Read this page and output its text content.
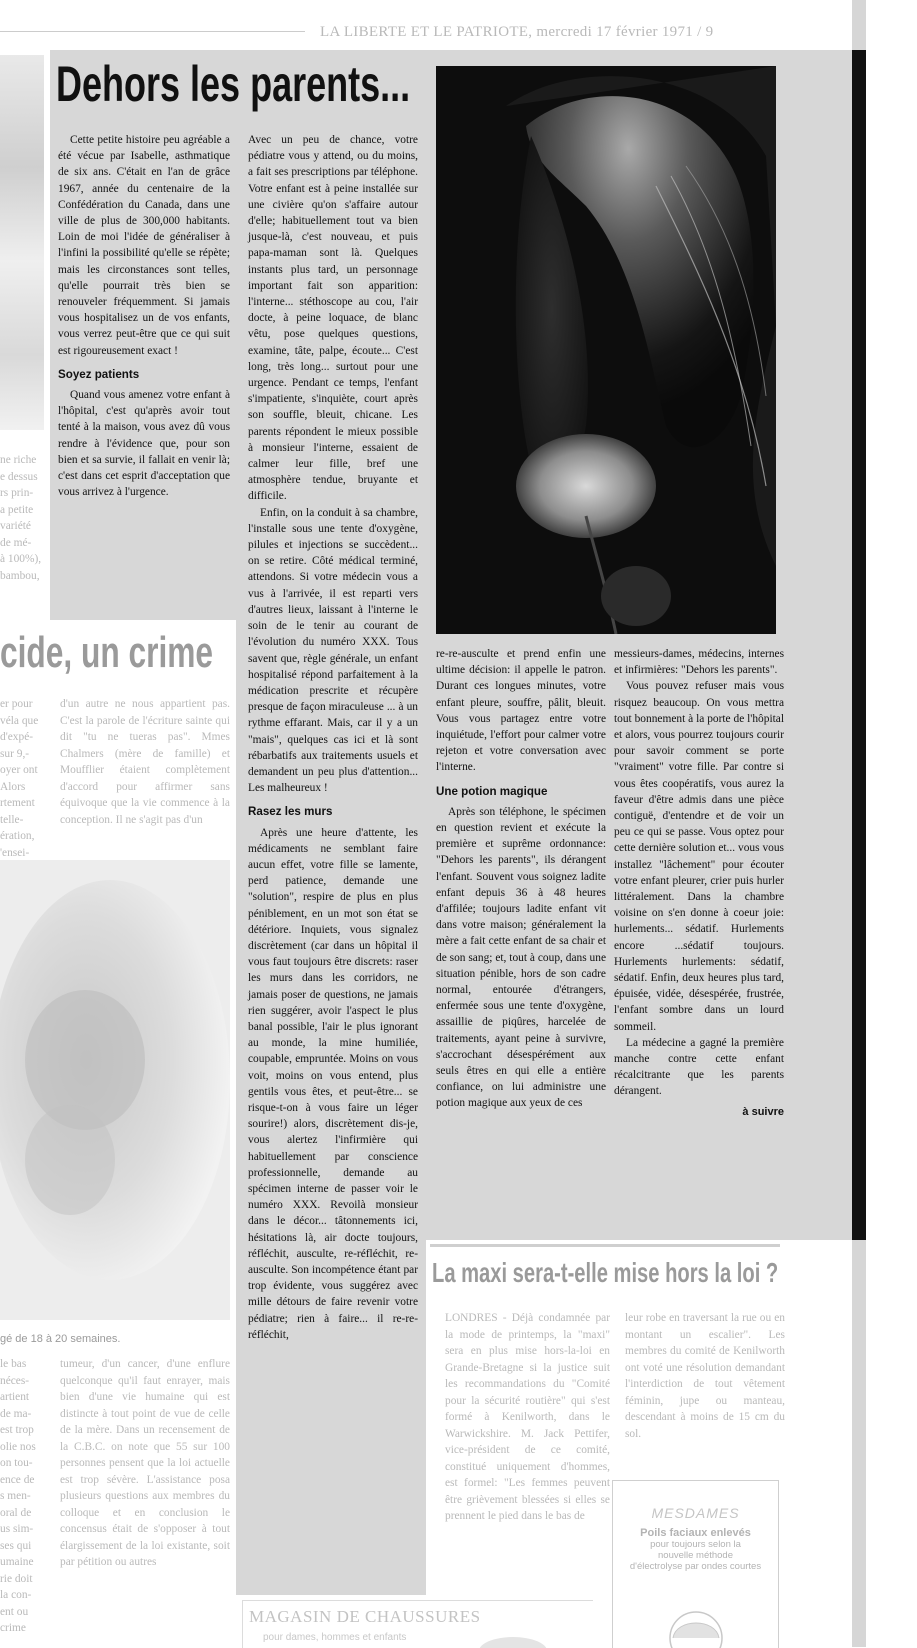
LA LIBERTE ET LE PATRIOTE, mercredi 17 février 1971 / 9
ne riche
e dessus
rs prin-
a petite
variété
de mé-
à 100%),
bambou,
Dehors les parents...

Cette petite histoire peu agréable a été vécue par Isabelle, asthmatique de six ans. C'était en l'an de grâce 1967, année du centenaire de la Confédération du Canada, dans une ville de plus de 300,000 habitants. Loin de moi l'idée de généraliser à l'infini la possibilité qu'elle se répète; mais les circonstances sont telles, qu'elle pourrait très bien se renouveler fréquemment. Si jamais vous hospitalisez un de vos enfants, vous verrez peut-être que ce qui suit est rigoureusement exact !

Soyez patients

Quand vous amenez votre enfant à l'hôpital, c'est qu'après avoir tout tenté à la maison, vous avez dû vous rendre à l'évidence que, pour son bien et sa survie, il fallait en venir là; c'est dans cet esprit d'acceptation que vous arrivez à l'urgence.

Avec un peu de chance, votre pédiatre vous y attend, ou du moins, a fait ses prescriptions par téléphone. Votre enfant est à peine installée sur une civière qu'on s'affaire autour d'elle; habituellement tout va bien jusque-là, c'est nouveau, et puis papa-maman sont là. Quelques instants plus tard, un personnage important fait son apparition: l'interne... stéthoscope au cou, l'air docte, à peine loquace, de blanc vêtu, pose quelques questions, examine, tâte, palpe, écoute... C'est long, très long... surtout pour une urgence. Pendant ce temps, l'enfant s'impatiente, s'inquiète, court après son souffle, bleuit, chicane. Les parents répondent le mieux possible à monsieur l'interne, essaient de calmer leur fille, bref une atmosphère tendue, bruyante et difficile.

Enfin, on la conduit à sa chambre, l'installe sous une tente d'oxygène, pilules et injections se succèdent... on se retire. Côté médical terminé, attendons. Si votre médecin vous a vus à l'arrivée, il est reparti vers d'autres lieux, laissant à l'interne le soin de le tenir au courant de l'évolution du numéro XXX. Tous savent que, règle générale, un enfant hospitalisé répond parfaitement à la médication prescrite et récupère presque de façon miraculeuse ... à un rythme effarant. Mais, car il y a un "mais", quelques cas ici et là sont rébarbatifs aux traitements usuels et demandent un peu plus d'attention... Les malheureux !

Rasez les murs

Après une heure d'attente, les médicaments ne semblant faire aucun effet, votre fille se lamente, perd patience, demande une "solution", respire de plus en plus péniblement, en un mot son état se détériore. Inquiets, vous signalez discrètement (car dans un hôpital il vous faut toujours être discrets: raser les murs dans les corridors, ne jamais poser de questions, ne jamais rien suggérer, avoir l'aspect le plus banal possible, l'air le plus ignorant au monde, la mine humiliée, coupable, empruntée. Moins on vous voit, moins on vous entend, plus gentils vous êtes, et peut-être... se risque-t-on à vous faire un léger sourire!) alors, discrètement dis-je, vous alertez l'infirmière qui habituellement par conscience professionnelle, demande au spécimen interne de passer voir le numéro XXX. Revoilà monsieur dans le décor... tâtonnements ici, hésitations là, air docte toujours, réfléchit, ausculte, re-réfléchit, re-ausculte. Son incompétence étant par trop évidente, vous suggérez avec mille détours de faire revenir votre pédiatre; rien à faire... il re-re-réfléchit,

re-re-ausculte et prend enfin une ultime décision: il appelle le patron. Durant ces longues minutes, votre enfant pleure, souffre, pâlit, bleuit. Vous vous partagez entre votre inquiétude, l'effort pour calmer votre rejeton et votre conversation avec l'interne.

Une potion magique

Après son téléphone, le spécimen en question revient et exécute la première et suprême ordonnance: "Dehors les parents", ils dérangent l'enfant. Souvent vous soignez ladite enfant depuis 36 à 48 heures d'affilée; toujours ladite enfant vit dans votre maison; généralement la mère a fait cette enfant de sa chair et de son sang; et, tout à coup, dans une situation pénible, hors de son cadre normal, entourée d'étrangers, enfermée sous une tente d'oxygène, assaillie de piqûres, harcelée de traitements, ayant peine à survivre, s'accrochant désespérément aux seuls êtres en qui elle a entière confiance, on lui administre une potion magique aux yeux de ces

messieurs-dames, médecins, internes et infirmières: "Dehors les parents".

Vous pouvez refuser mais vous risquez beaucoup. On vous mettra tout bonnement à la porte de l'hôpital et alors, vous pourrez toujours courir pour savoir comment se porte "vraiment" votre fille. Par contre si vous êtes coopératifs, vous aurez la faveur d'être admis dans une pièce contiguë, d'entendre et de voir un peu ce qui se passe. Vous optez pour cette dernière solution et... vous vous installez "lâchement" pour écouter votre enfant pleurer, crier puis hurler littéralement. Dans la chambre voisine on s'en donne à coeur joie: hurlements... sédatif. Hurlements encore ...sédatif toujours. Hurlements hurlements: sédatif, sédatif. Enfin, deux heures plus tard, épuisée, vidée, désespérée, frustrée, l'enfant sombre dans un lourd sommeil.

La médecine a gagné la première manche contre cette enfant récalcitrante que les parents dérangent.

à suivre
cide, un crime
er pour
véla que
d'expé-
sur 9,-
oyer ont
Alors
rtement
telle-
ération,
'ensei-
d'un autre ne nous appartient pas. C'est la parole de l'écriture sainte qui dit "tu ne tueras pas". Mmes Chalmers (mère de famille) et Moufflier étaient complètement d'accord pour affirmer sans équivoque que la vie commence à la conception. Il ne s'agit pas d'un
gé de 18 à 20 semaines.
le bas
néces-
artient
de ma-
est trop
olie nos
on tou-
ence de
s men-
oral de
us sim-
ses qui
umaine
rie doit
la con-
ent ou
crime
tumeur, d'un cancer, d'une enflure quelconque qu'il faut enrayer, mais bien d'une vie humaine qui est distincte à tout point de vue de celle de la mère. Dans un recensement de la C.B.C. on note que 55 sur 100 personnes pensent que la loi actuelle est trop sévère. L'assistance posa plusieurs questions aux membres du colloque et en conclusion le concensus était de s'opposer à tout élargissement de la loi existante, soit par pétition ou autres
La maxi sera-t-elle mise hors la loi ?
LONDRES - Déjà condamnée par la mode de printemps, la "maxi" sera en plus mise hors-la-loi en Grande-Bretagne si la justice suit les recommandations du "Comité pour la sécurité routière" qui s'est formé à Kenilworth, dans le Warwickshire. M. Jack Pettifer, vice-président de ce comité, constitué uniquement d'hommes, est formel: "Les femmes peuvent être grièvement blessées si elles se prennent le pied dans le bas de
leur robe en traversant la rue ou en montant un escalier". Les membres du comité de Kenilworth ont voté une résolution demandant l'interdiction de tout vêtement féminin, jupe ou manteau, descendant à moins de 15 cm du sol.
MESDAMES
Poils faciaux enlevés
pour toujours selon la
nouvelle méthode
d'électrolyse par ondes courtes
MAGASIN DE CHAUSSURES
pour dames, hommes et enfants
